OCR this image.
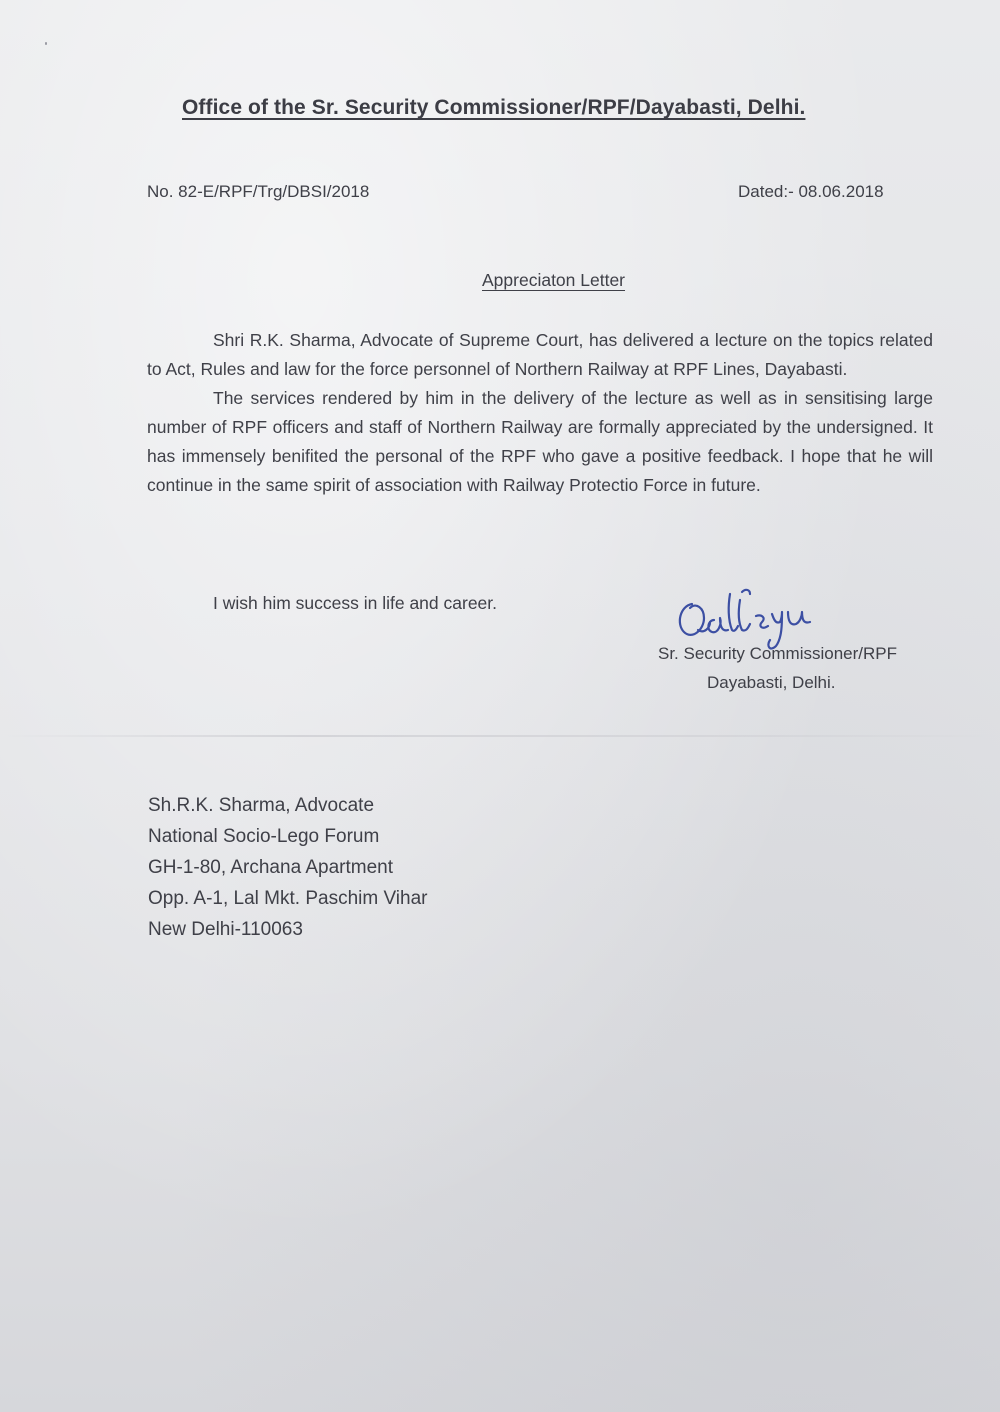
Office of the Sr. Security Commissioner/RPF/Dayabasti, Delhi.
No. 82-E/RPF/Trg/DBSI/2018	Dated:- 08.06.2018
Appreciaton Letter

Shri R.K. Sharma, Advocate of Supreme Court, has delivered a lecture on the topics related to Act, Rules and law for the force personnel of Northern Railway at RPF Lines, Dayabasti.

The services rendered by him in the delivery of the lecture as well as in sensitising large number of RPF officers and staff of Northern Railway are formally appreciated by the undersigned. It has immensely benifited the personal of the RPF who gave a positive feedback. I hope that he will continue in the same spirit of association with Railway Protectio Force in future.

I wish him success in life and career.
Sr. Security Commissioner/RPF
Dayabasti, Delhi.
Sh.R.K. Sharma, Advocate
National Socio-Lego Forum
GH-1-80, Archana Apartment
Opp. A-1, Lal Mkt. Paschim Vihar
New Delhi-110063
